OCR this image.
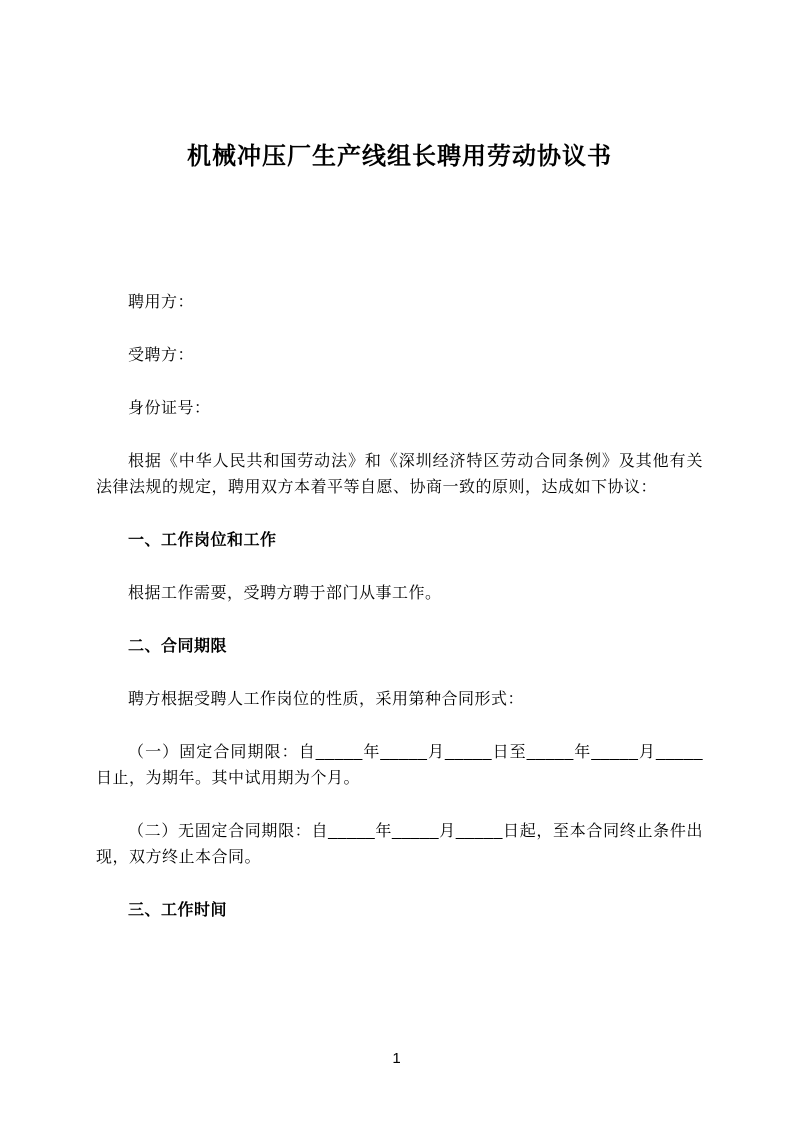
机械冲压厂生产线组长聘用劳动协议书

聘用方：

受聘方：

身份证号：

根据《中华人民共和国劳动法》和《深圳经济特区劳动合同条例》及其他有关法律法规的规定，聘用双方本着平等自愿、协商一致的原则，达成如下协议：

一、工作岗位和工作

根据工作需要，受聘方聘于部门从事工作。

二、合同期限

聘方根据受聘人工作岗位的性质，采用第种合同形式：

（一）固定合同期限：自_____年_____月_____日至_____年_____月_____日止，为期年。其中试用期为个月。

（二）无固定合同期限：自_____年_____月_____日起，至本合同终止条件出现，双方终止本合同。

三、工作时间

1
